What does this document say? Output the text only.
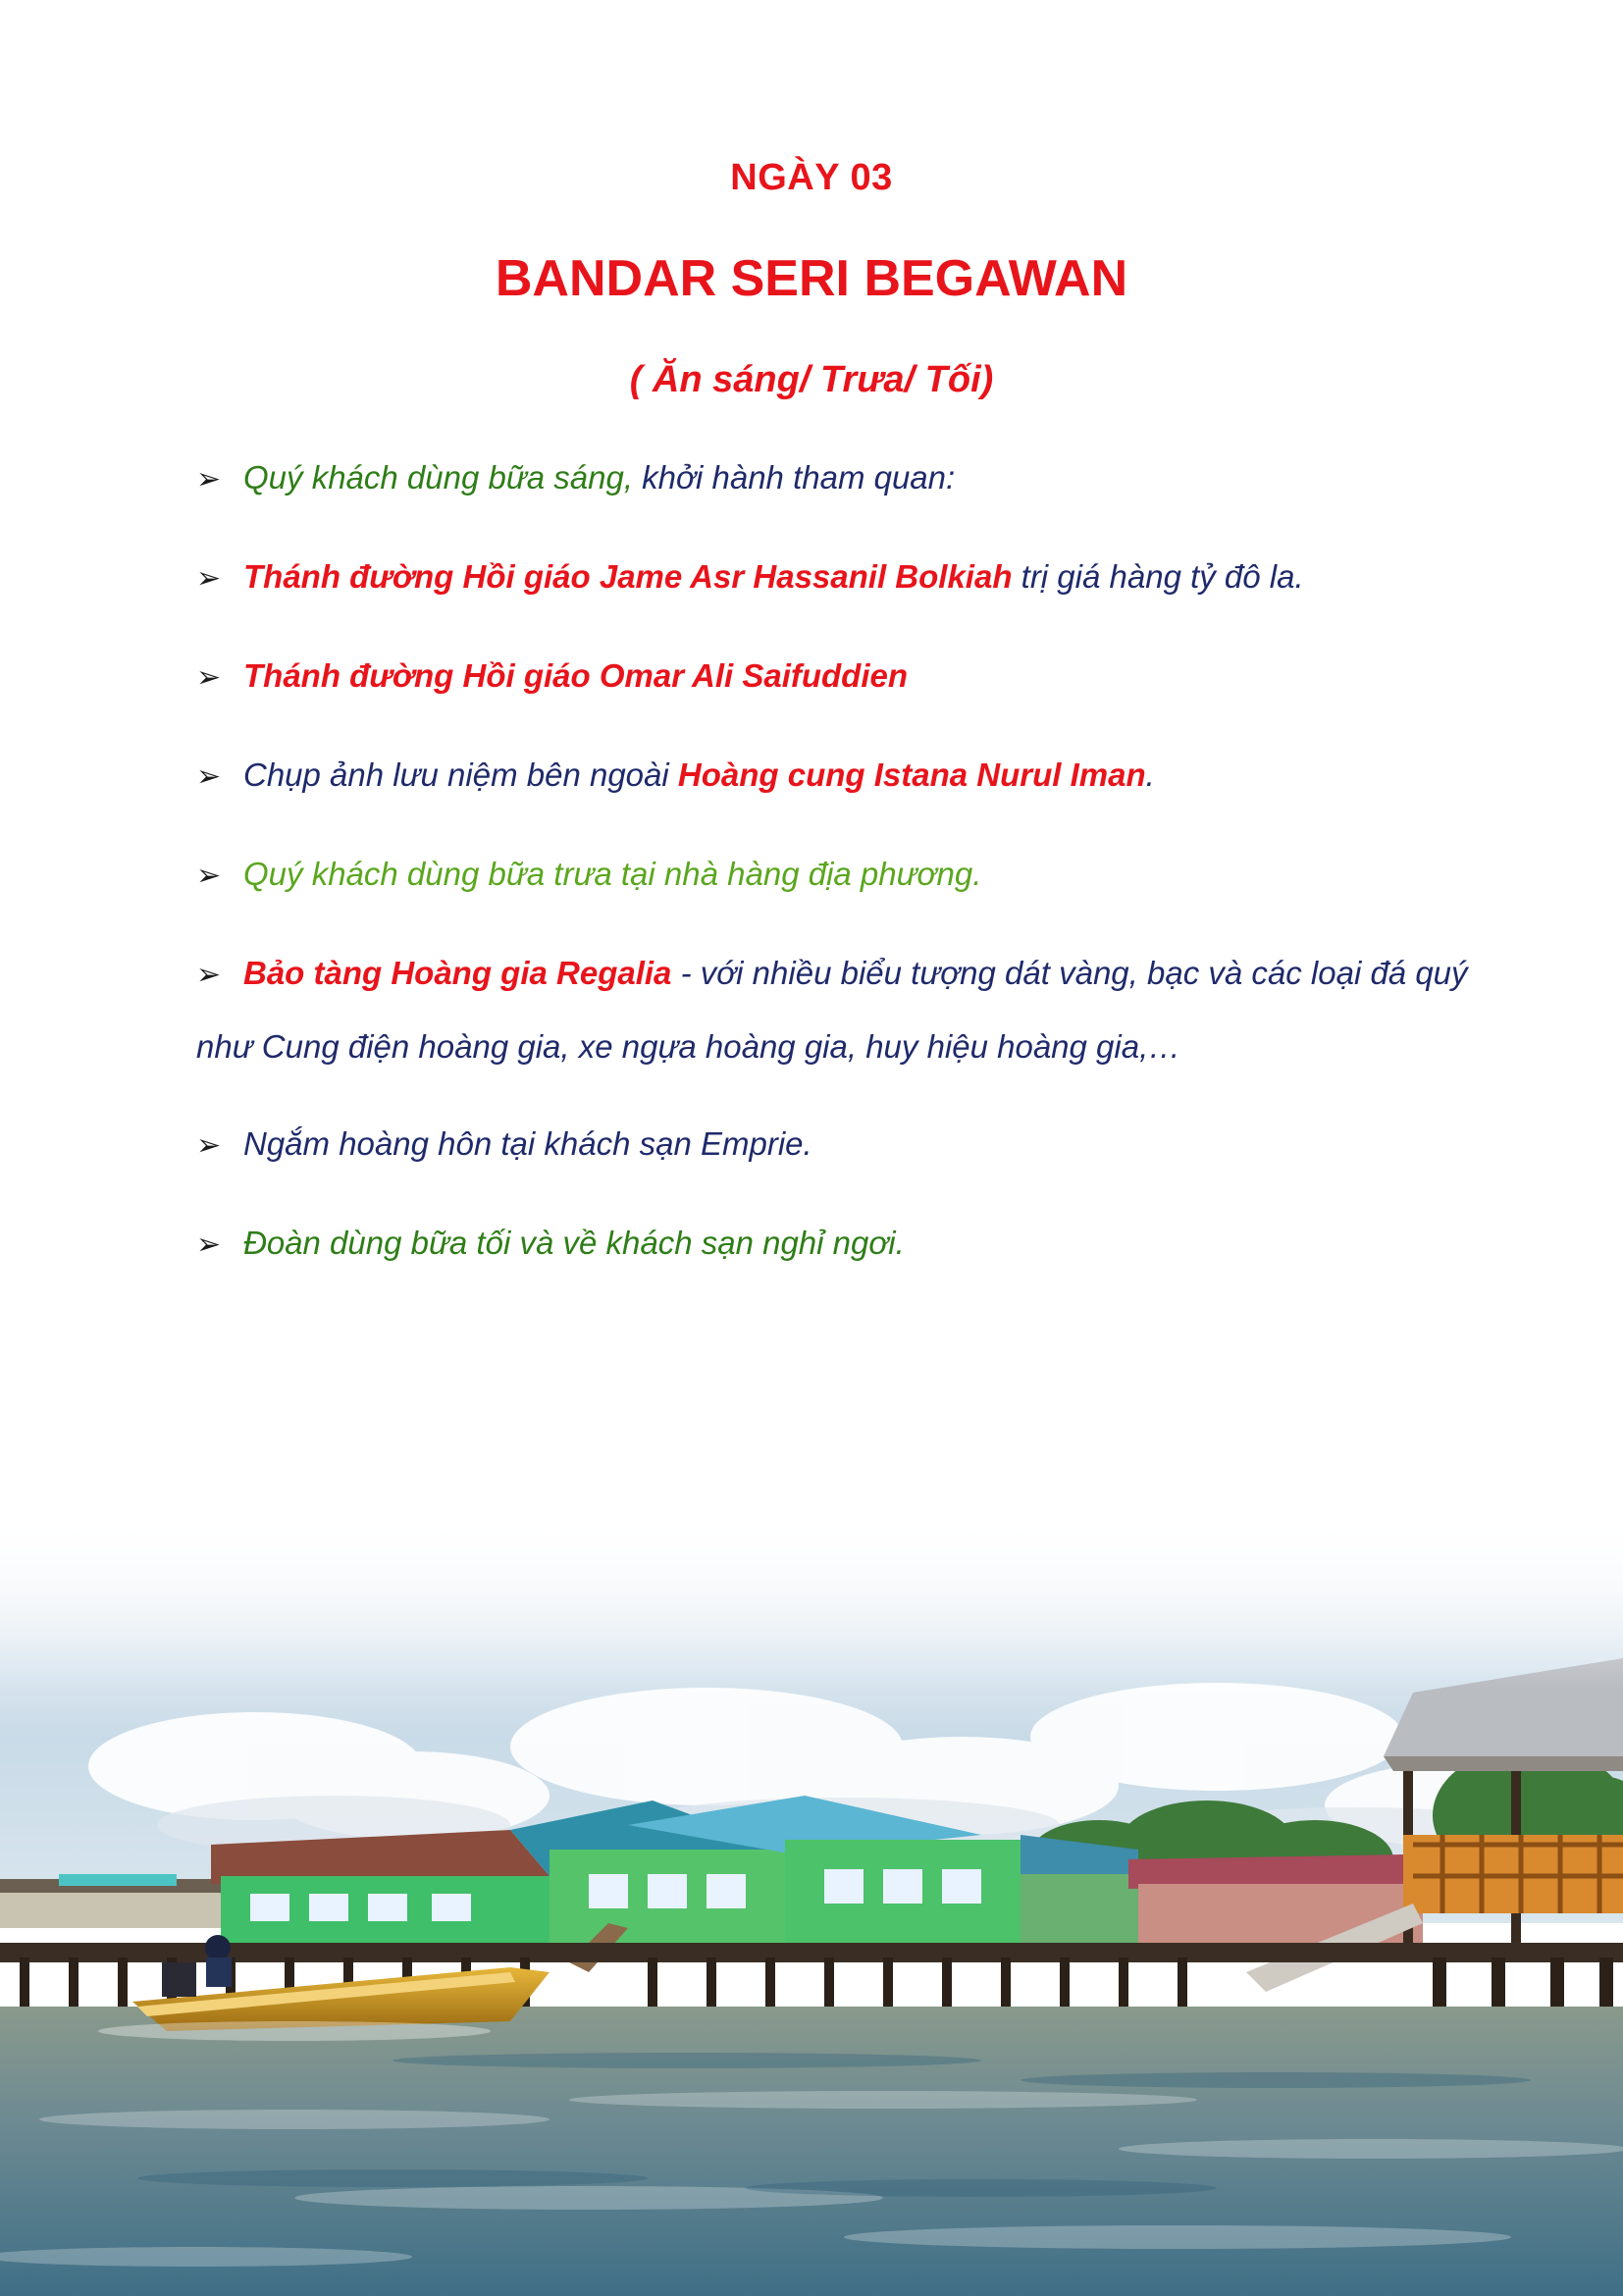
NGÀY 03
BANDAR SERI BEGAWAN
( Ăn sáng/ Trưa/ Tối)
➢ Quý khách dùng bữa sáng, khởi hành tham quan:
➢ Thánh đường Hồi giáo Jame Asr Hassanil Bolkiah trị giá hàng tỷ đô la.
➢ Thánh đường Hồi giáo Omar Ali Saifuddien
➢ Chụp ảnh lưu niệm bên ngoài Hoàng cung Istana Nurul Iman.
➢ Quý khách dùng bữa trưa tại nhà hàng địa phương.
➢ Bảo tàng Hoàng gia Regalia - với nhiều biểu tượng dát vàng, bạc và các loại đá quý như Cung điện hoàng gia, xe ngựa hoàng gia, huy hiệu hoàng gia,…
➢ Ngắm hoàng hôn tại khách sạn Emprie.
➢ Đoàn dùng bữa tối và về khách sạn nghỉ ngơi.
